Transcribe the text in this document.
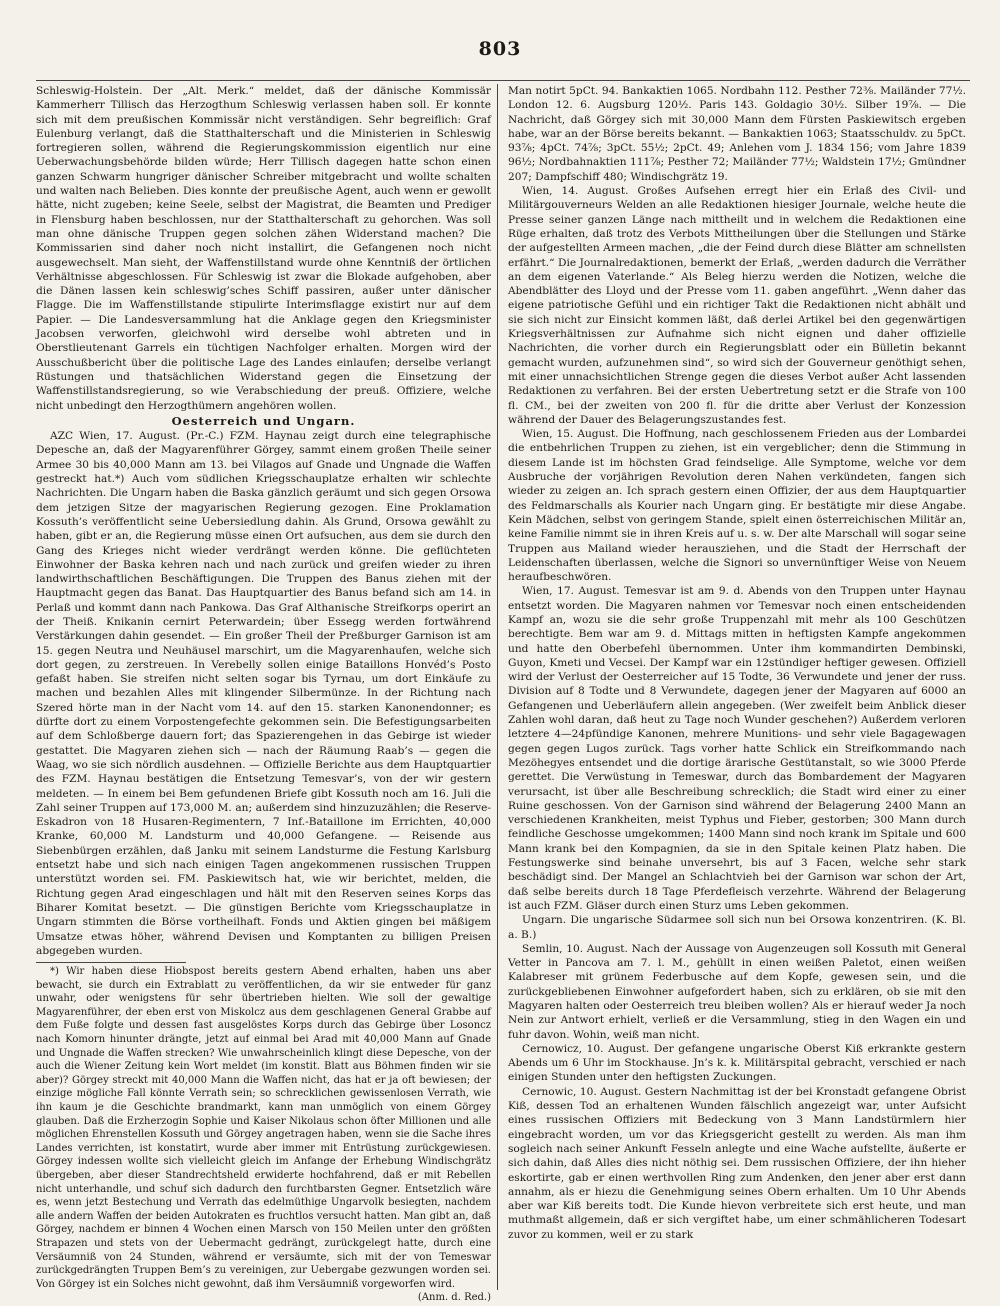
803

Schleswig-Holstein. Der „Alt. Merk.“ meldet, daß der dänische Kommissär Kammerherr Tillisch das Herzogthum Schleswig verlassen haben soll. Er konnte sich mit dem preußischen Kommissär nicht verständigen. Sehr begreiflich: Graf Eulenburg verlangt, daß die Statthalterschaft und die Ministerien in Schleswig fortregieren sollen, während die Regierungskommission eigentlich nur eine Ueberwachungsbehörde bilden würde; Herr Tillisch dagegen hatte schon einen ganzen Schwarm hungriger dänischer Schreiber mitgebracht und wollte schalten und walten nach Belieben. Dies konnte der preußische Agent, auch wenn er gewollt hätte, nicht zugeben; keine Seele, selbst der Magistrat, die Beamten und Prediger in Flensburg haben beschlossen, nur der Statthalterschaft zu gehorchen. Was soll man ohne dänische Truppen gegen solchen zähen Widerstand machen? Die Kommissarien sind daher noch nicht installirt, die Gefangenen noch nicht ausgewechselt. Man sieht, der Waffenstillstand wurde ohne Kenntniß der örtlichen Verhältnisse abgeschlossen. Für Schleswig ist zwar die Blokade aufgehoben, aber die Dänen lassen kein schleswig’sches Schiff passiren, außer unter dänischer Flagge. Die im Waffenstillstande stipulirte Interimsflagge existirt nur auf dem Papier. — Die Landesversammlung hat die Anklage gegen den Kriegsminister Jacobsen verworfen, gleichwohl wird derselbe wohl abtreten und in Oberstlieutenant Garrels ein tüchtigen Nachfolger erhalten. Morgen wird der Ausschußbericht über die politische Lage des Landes einlaufen; derselbe verlangt Rüstungen und thatsächlichen Widerstand gegen die Einsetzung der Waffenstillstandsregierung, so wie Verabschiedung der preuß. Offiziere, welche nicht unbedingt den Herzogthümern angehören wollen.

Oesterreich und Ungarn.

AZC Wien, 17. August. (Pr.-C.) FZM. Haynau zeigt durch eine telegraphische Depesche an, daß der Magyarenführer Görgey, sammt einem großen Theile seiner Armee 30 bis 40,000 Mann am 13. bei Vilagos auf Gnade und Ungnade die Waffen gestreckt hat.*) Auch vom südlichen Kriegsschauplatze erhalten wir schlechte Nachrichten. Die Ungarn haben die Baska gänzlich geräumt und sich gegen Orsowa dem jetzigen Sitze der magyarischen Regierung gezogen. Eine Proklamation Kossuth’s veröffentlicht seine Uebersiedlung dahin. Als Grund, Orsowa gewählt zu haben, gibt er an, die Regierung müsse einen Ort aufsuchen, aus dem sie durch den Gang des Krieges nicht wieder verdrängt werden könne. Die geflüchteten Einwohner der Baska kehren nach und nach zurück und greifen wieder zu ihren landwirthschaftlichen Beschäftigungen. Die Truppen des Banus ziehen mit der Hauptmacht gegen das Banat. Das Hauptquartier des Banus befand sich am 14. in Perlaß und kommt dann nach Pankowa. Das Graf Althanische Streifkorps operirt an der Theiß. Knikanin cernirt Peterwardein; über Essegg werden fortwährend Verstärkungen dahin gesendet. — Ein großer Theil der Preßburger Garnison ist am 15. gegen Neutra und Neuhäusel marschirt, um die Magyarenhaufen, welche sich dort gegen, zu zerstreuen. In Verebelly sollen einige Bataillons Honvéd’s Posto gefaßt haben. Sie streifen nicht selten sogar bis Tyrnau, um dort Einkäufe zu machen und bezahlen Alles mit klingender Silbermünze. In der Richtung nach Szered hörte man in der Nacht vom 14. auf den 15. starken Kanonendonner; es dürfte dort zu einem Vorpostengefechte gekommen sein. Die Befestigungsarbeiten auf dem Schloßberge dauern fort; das Spazierengehen in das Gebirge ist wieder gestattet. Die Magyaren ziehen sich — nach der Räumung Raab’s — gegen die Waag, wo sie sich nördlich ausdehnen. — Offizielle Berichte aus dem Hauptquartier des FZM. Haynau bestätigen die Entsetzung Temesvar’s, von der wir gestern meldeten. — In einem bei Bem gefundenen Briefe gibt Kossuth noch am 16. Juli die Zahl seiner Truppen auf 173,000 M. an; außerdem sind hinzuzuzählen; die Reserve-Eskadron von 18 Husaren-Regimentern, 7 Inf.-Bataillone im Errichten, 40,000 Kranke, 60,000 M. Landsturm und 40,000 Gefangene. — Reisende aus Siebenbürgen erzählen, daß Janku mit seinem Landsturme die Festung Karlsburg entsetzt habe und sich nach einigen Tagen angekommenen russischen Truppen unterstützt worden sei. FM. Paskiewitsch hat, wie wir berichtet, melden, die Richtung gegen Arad eingeschlagen und hält mit den Reserven seines Korps das Biharer Komitat besetzt. — Die günstigen Berichte vom Kriegsschauplatze in Ungarn stimmten die Börse vortheilhaft. Fonds und Aktien gingen bei mäßigem Umsatze etwas höher, während Devisen und Komptanten zu billigen Preisen abgegeben wurden.

*) Wir haben diese Hiobspost bereits gestern Abend erhalten, haben uns aber bewacht, sie durch ein Extrablatt zu veröffentlichen, da wir sie entweder für ganz unwahr, oder wenigstens für sehr übertrieben hielten. Wie soll der gewaltige Magyarenführer, der eben erst von Miskolcz aus dem geschlagenen General Grabbe auf dem Fuße folgte und dessen fast ausgelöstes Korps durch das Gebirge über Losoncz nach Komorn hinunter drängte, jetzt auf einmal bei Arad mit 40,000 Mann auf Gnade und Ungnade die Waffen strecken? Wie unwahrscheinlich klingt diese Depesche, von der auch die Wiener Zeitung kein Wort meldet (im konstit. Blatt aus Böhmen finden wir sie aber)? Görgey streckt mit 40,000 Mann die Waffen nicht, das hat er ja oft bewiesen; der einzige mögliche Fall könnte Verrath sein; so schrecklichen gewissenlosen Verrath, wie ihn kaum je die Geschichte brandmarkt, kann man unmöglich von einem Görgey glauben. Daß die Erzherzogin Sophie und Kaiser Nikolaus schon öfter Millionen und alle möglichen Ehrenstellen Kossuth und Görgey angetragen haben, wenn sie die Sache ihres Landes verrichten, ist konstatirt, wurde aber immer mit Entrüstung zurückgewiesen. Görgey indessen wollte sich vielleicht gleich im Anfange der Erhebung Windischgrätz übergeben, aber dieser Standrechtsheld erwiderte hochfahrend, daß er mit Rebellen nicht unterhandle, und schuf sich dadurch den furchtbarsten Gegner. Entsetzlich wäre es, wenn jetzt Bestechung und Verrath das edelmüthige Ungarvolk besiegten, nachdem alle andern Waffen der beiden Autokraten es fruchtlos versucht hatten. Man gibt an, daß Görgey, nachdem er binnen 4 Wochen einen Marsch von 150 Meilen unter den größten Strapazen und stets von der Uebermacht gedrängt, zurückgelegt hatte, durch eine Versäumniß von 24 Stunden, während er versäumte, sich mit der von Temeswar zurückgedrängten Truppen Bem’s zu vereinigen, zur Uebergabe gezwungen worden sei. Von Görgey ist ein Solches nicht gewohnt, daß ihm Versäumniß vorgeworfen wird.

(Anm. d. Red.)

Man notirt 5pCt. 94. Bankaktien 1065. Nordbahn 112. Pesther 72⅜. Mailänder 77½. London 12. 6. Augsburg 120½. Paris 143. Goldagio 30½. Silber 19⅞. — Die Nachricht, daß Görgey sich mit 30,000 Mann dem Fürsten Paskiewitsch ergeben habe, war an der Börse bereits bekannt. — Bankaktien 1063; Staatsschuldv. zu 5pCt. 93⅞; 4pCt. 74⅞; 3pCt. 55½; 2pCt. 49; Anlehen vom J. 1834 156; vom Jahre 1839 96½; Nordbahnaktien 111⅞; Pesther 72; Mailänder 77½; Waldstein 17½; Gmündner 207; Dampfschiff 480; Windischgrätz 19.

Wien, 14. August. Großes Aufsehen erregt hier ein Erlaß des Civil- und Militärgouverneurs Welden an alle Redaktionen hiesiger Journale, welche heute die Presse seiner ganzen Länge nach mittheilt und in welchem die Redaktionen eine Rüge erhalten, daß trotz des Verbots Mittheilungen über die Stellungen und Stärke der aufgestellten Armeen machen, „die der Feind durch diese Blätter am schnellsten erfährt.“ Die Journalredaktionen, bemerkt der Erlaß, „werden dadurch die Verräther an dem eigenen Vaterlande.“ Als Beleg hierzu werden die Notizen, welche die Abendblätter des Lloyd und der Presse vom 11. gaben angeführt. „Wenn daher das eigene patriotische Gefühl und ein richtiger Takt die Redaktionen nicht abhält und sie sich nicht zur Einsicht kommen läßt, daß derlei Artikel bei den gegenwärtigen Kriegsverhältnissen zur Aufnahme sich nicht eignen und daher offizielle Nachrichten, die vorher durch ein Regierungsblatt oder ein Bülletin bekannt gemacht wurden, aufzunehmen sind“, so wird sich der Gouverneur genöthigt sehen, mit einer unnachsichtlichen Strenge gegen die dieses Verbot außer Acht lassenden Redaktionen zu verfahren. Bei der ersten Uebertretung setzt er die Strafe von 100 fl. CM., bei der zweiten von 200 fl. für die dritte aber Verlust der Konzession während der Dauer des Belagerungszustandes fest.

Wien, 15. August. Die Hoffnung, nach geschlossenem Frieden aus der Lombardei die entbehrlichen Truppen zu ziehen, ist ein vergeblicher; denn die Stimmung in diesem Lande ist im höchsten Grad feindselige. Alle Symptome, welche vor dem Ausbruche der vorjährigen Revolution deren Nahen verkündeten, fangen sich wieder zu zeigen an. Ich sprach gestern einen Offizier, der aus dem Hauptquartier des Feldmarschalls als Kourier nach Ungarn ging. Er bestätigte mir diese Angabe. Kein Mädchen, selbst von geringem Stande, spielt einen österreichischen Militär an, keine Familie nimmt sie in ihren Kreis auf u. s. w. Der alte Marschall will sogar seine Truppen aus Mailand wieder herausziehen, und die Stadt der Herrschaft der Leidenschaften überlassen, welche die Signori so unvernünftiger Weise von Neuem heraufbeschwören.

Wien, 17. August. Temesvar ist am 9. d. Abends von den Truppen unter Haynau entsetzt worden. Die Magyaren nahmen vor Temesvar noch einen entscheidenden Kampf an, wozu sie die sehr große Truppenzahl mit mehr als 100 Geschützen berechtigte. Bem war am 9. d. Mittags mitten in heftigsten Kampfe angekommen und hatte den Oberbefehl übernommen. Unter ihm kommandirten Dembinski, Guyon, Kmeti und Vecsei. Der Kampf war ein 12stündiger heftiger gewesen. Offiziell wird der Verlust der Oesterreicher auf 15 Todte, 36 Verwundete und jener der russ. Division auf 8 Todte und 8 Verwundete, dagegen jener der Magyaren auf 6000 an Gefangenen und Ueberläufern allein angegeben. (Wer zweifelt beim Anblick dieser Zahlen wohl daran, daß heut zu Tage noch Wunder geschehen?) Außerdem verloren letztere 4—24pfündige Kanonen, mehrere Munitions- und sehr viele Bagagewagen gegen gegen Lugos zurück. Tags vorher hatte Schlick ein Streifkommando nach Mezöhegyes entsendet und die dortige ärarische Gestütanstalt, so wie 3000 Pferde gerettet. Die Verwüstung in Temeswar, durch das Bombardement der Magyaren verursacht, ist über alle Beschreibung schrecklich; die Stadt wird einer zu einer Ruine geschossen. Von der Garnison sind während der Belagerung 2400 Mann an verschiedenen Krankheiten, meist Typhus und Fieber, gestorben; 300 Mann durch feindliche Geschosse umgekommen; 1400 Mann sind noch krank im Spitale und 600 Mann krank bei den Kompagnien, da sie in den Spitale keinen Platz haben. Die Festungswerke sind beinahe unversehrt, bis auf 3 Facen, welche sehr stark beschädigt sind. Der Mangel an Schlachtvieh bei der Garnison war schon der Art, daß selbe bereits durch 18 Tage Pferdefleisch verzehrte. Während der Belagerung ist auch FZM. Gläser durch einen Sturz ums Leben gekommen.

Ungarn. Die ungarische Südarmee soll sich nun bei Orsowa konzentriren. (K. Bl. a. B.)

Semlin, 10. August. Nach der Aussage von Augenzeugen soll Kossuth mit General Vetter in Pancova am 7. l. M., gehüllt in einen weißen Paletot, einen weißen Kalabreser mit grünem Federbusche auf dem Kopfe, gewesen sein, und die zurückgebliebenen Einwohner aufgefordert haben, sich zu erklären, ob sie mit den Magyaren halten oder Oesterreich treu bleiben wollen? Als er hierauf weder Ja noch Nein zur Antwort erhielt, verließ er die Versammlung, stieg in den Wagen ein und fuhr davon. Wohin, weiß man nicht.

Cernowicz, 10. August. Der gefangene ungarische Oberst Kiß erkrankte gestern Abends um 6 Uhr im Stockhause. Jn’s k. k. Militärspital gebracht, verschied er nach einigen Stunden unter den heftigsten Zuckungen.

Cernowic, 10. August. Gestern Nachmittag ist der bei Kronstadt gefangene Obrist Kiß, dessen Tod an erhaltenen Wunden fälschlich angezeigt war, unter Aufsicht eines russischen Offiziers mit Bedeckung von 3 Mann Landstürmlern hier eingebracht worden, um vor das Kriegsgericht gestellt zu werden. Als man ihm sogleich nach seiner Ankunft Fesseln anlegte und eine Wache aufstellte, äußerte er sich dahin, daß Alles dies nicht nöthig sei. Dem russischen Offiziere, der ihn hieher eskortirte, gab er einen werthvollen Ring zum Andenken, den jener aber erst dann annahm, als er hiezu die Genehmigung seines Obern erhalten. Um 10 Uhr Abends aber war Kiß bereits todt. Die Kunde hievon verbreitete sich erst heute, und man muthmaßt allgemein, daß er sich vergiftet habe, um einer schmählicheren Todesart zuvor zu kommen, weil er zu stark
